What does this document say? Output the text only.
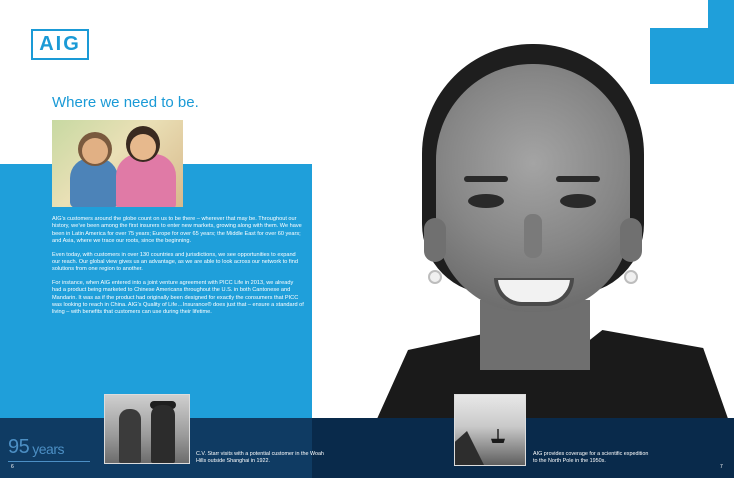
AIG
Where we need to be.

AIG’s customers around the globe count on us to be there – wherever that may be. Throughout our history, we’ve been among the first insurers to enter new markets, growing along with them. We have been in Latin America for over 75 years; Europe for over 65 years; the Middle East for over 60 years; and Asia, where we trace our roots, since the beginning.

Even today, with customers in over 130 countries and jurisdictions, we see opportunities to expand our reach. Our global view gives us an advantage, as we are able to look across our network to find solutions from one region to another.

For instance, when AIG entered into a joint venture agreement with PICC Life in 2013, we already had a product being marketed to Chinese Americans throughout the U.S. in both Cantonese and Mandarin. It was as if the product had originally been designed for exactly the consumers that PICC was looking to reach in China. AIG’s Quality of Life…Insurance® does just that – ensure a standard of living – with benefits that customers can use during their lifetime.

95 years	C.V. Starr visits with a potential customer in the Woah Hills outside Shanghai in 1922.
AIG provides coverage for a scientific expedition to the North Pole in the 1950s.
6	7
